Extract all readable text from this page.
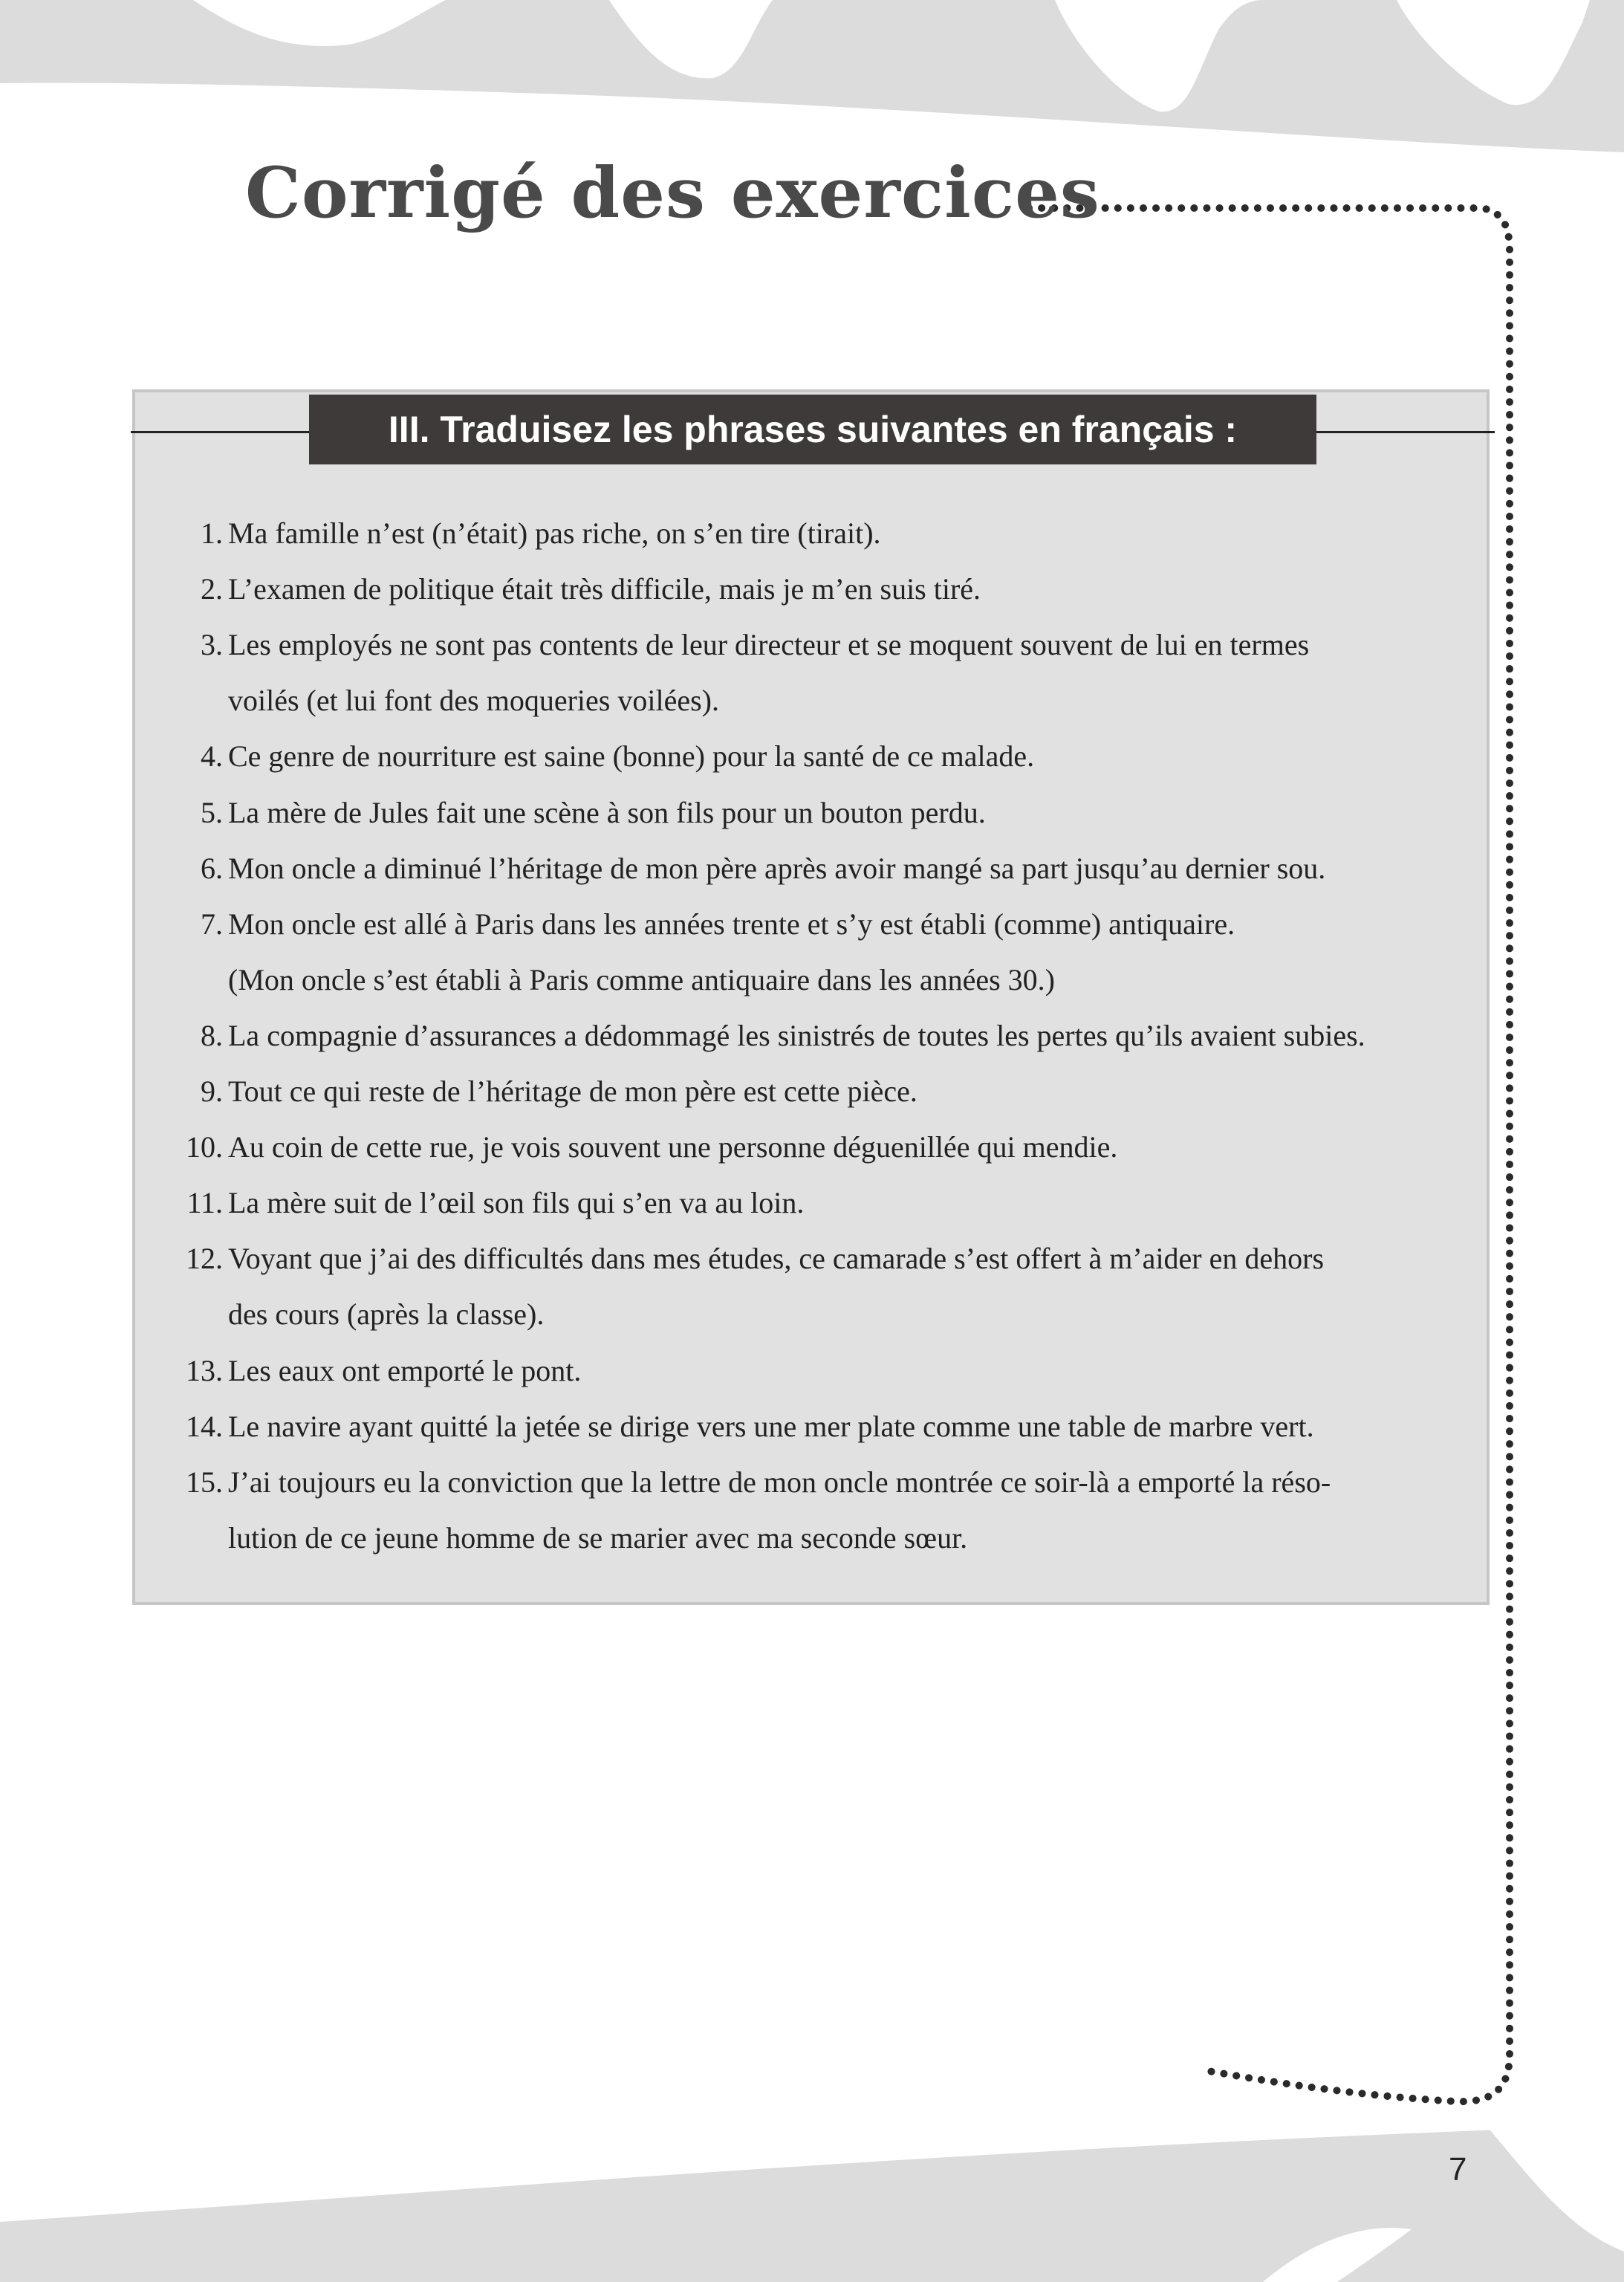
Corrigé des exercices
III. Traduisez les phrases suivantes en français :
1. Ma famille n’est (n’était) pas riche, on s’en tire (tirait).
2. L’examen de politique était très difficile, mais je m’en suis tiré.
3. Les employés ne sont pas contents de leur directeur et se moquent souvent de lui en termes
voilés (et lui font des moqueries voilées).
4. Ce genre de nourriture est saine (bonne) pour la santé de ce malade.
5. La mère de Jules fait une scène à son fils pour un bouton perdu.
6. Mon oncle a diminué l’héritage de mon père après avoir mangé sa part jusqu’au dernier sou.
7. Mon oncle est allé à Paris dans les années trente et s’y est établi (comme) antiquaire.
(Mon oncle s’est établi à Paris comme antiquaire dans les années 30.)
8. La compagnie d’assurances a dédommagé les sinistrés de toutes les pertes qu’ils avaient subies.
9. Tout ce qui reste de l’héritage de mon père est cette pièce.
10. Au coin de cette rue, je vois souvent une personne déguenillée qui mendie.
11. La mère suit de l’œil son fils qui s’en va au loin.
12. Voyant que j’ai des difficultés dans mes études, ce camarade s’est offert à m’aider en dehors
des cours (après la classe).
13. Les eaux ont emporté le pont.
14. Le navire ayant quitté la jetée se dirige vers une mer plate comme une table de marbre vert.
15. J’ai toujours eu la conviction que la lettre de mon oncle montrée ce soir-là a emporté la réso-
lution de ce jeune homme de se marier avec ma seconde sœur.
7
